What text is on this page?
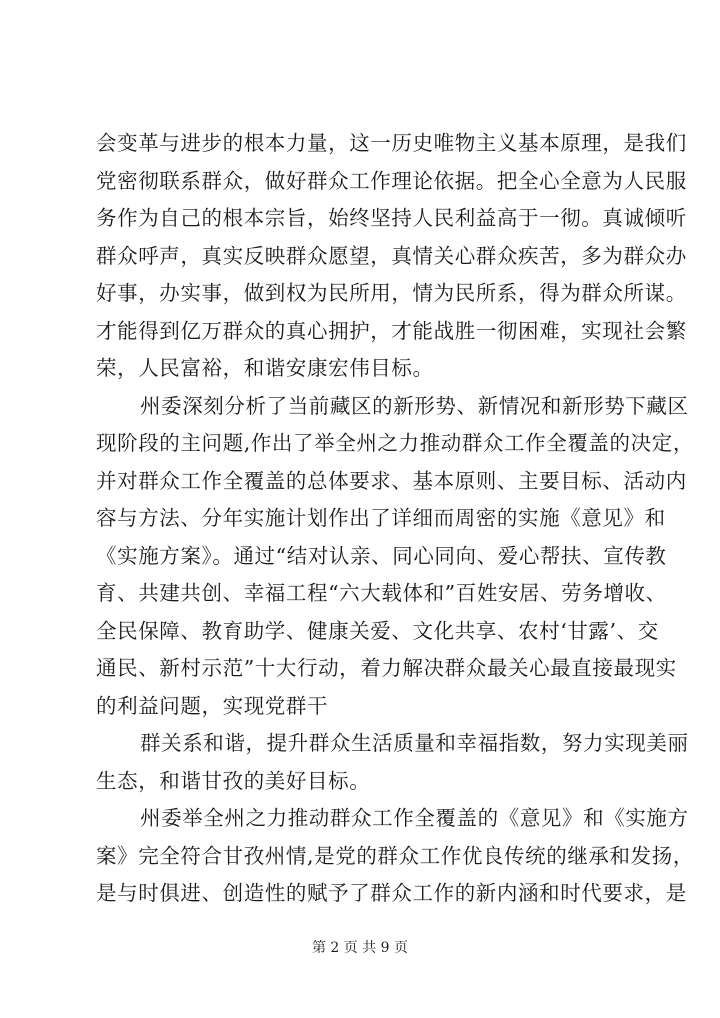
会变革与进步的根本力量，这一历史唯物主义基本原理，是我们
党密彻联系群众，做好群众工作理论依据。把全心全意为人民服
务作为自己的根本宗旨，始终坚持人民利益高于一彻。真诚倾听
群众呼声，真实反映群众愿望，真情关心群众疾苦，多为群众办
好事，办实事，做到权为民所用，情为民所系，得为群众所谋。
才能得到亿万群众的真心拥护，才能战胜一彻困难，实现社会繁
荣，人民富裕，和谐安康宏伟目标。
州委深刻分析了当前藏区的新形势、新情况和新形势下藏区
现阶段的主问题,作出了举全州之力推动群众工作全覆盖的决定，
并对群众工作全覆盖的总体要求、基本原则、主要目标、活动内
容与方法、分年实施计划作出了详细而周密的实施《意见》和
《实施方案》。通过“结对认亲、同心同向、爱心帮扶、宣传教
育、共建共创、幸福工程“六大载体和”百姓安居、劳务增收、
全民保障、教育助学、健康关爱、文化共享、农村‘甘露’、交
通民、新村示范”十大行动，着力解决群众最关心最直接最现实
的利益问题，实现党群干
群关系和谐，提升群众生活质量和幸福指数，努力实现美丽
生态，和谐甘孜的美好目标。
州委举全州之力推动群众工作全覆盖的《意见》和《实施方
案》完全符合甘孜州情,是党的群众工作优良传统的继承和发扬，
是与时俱进、创造性的赋予了群众工作的新内涵和时代要求，是
第 2 页 共 9 页
